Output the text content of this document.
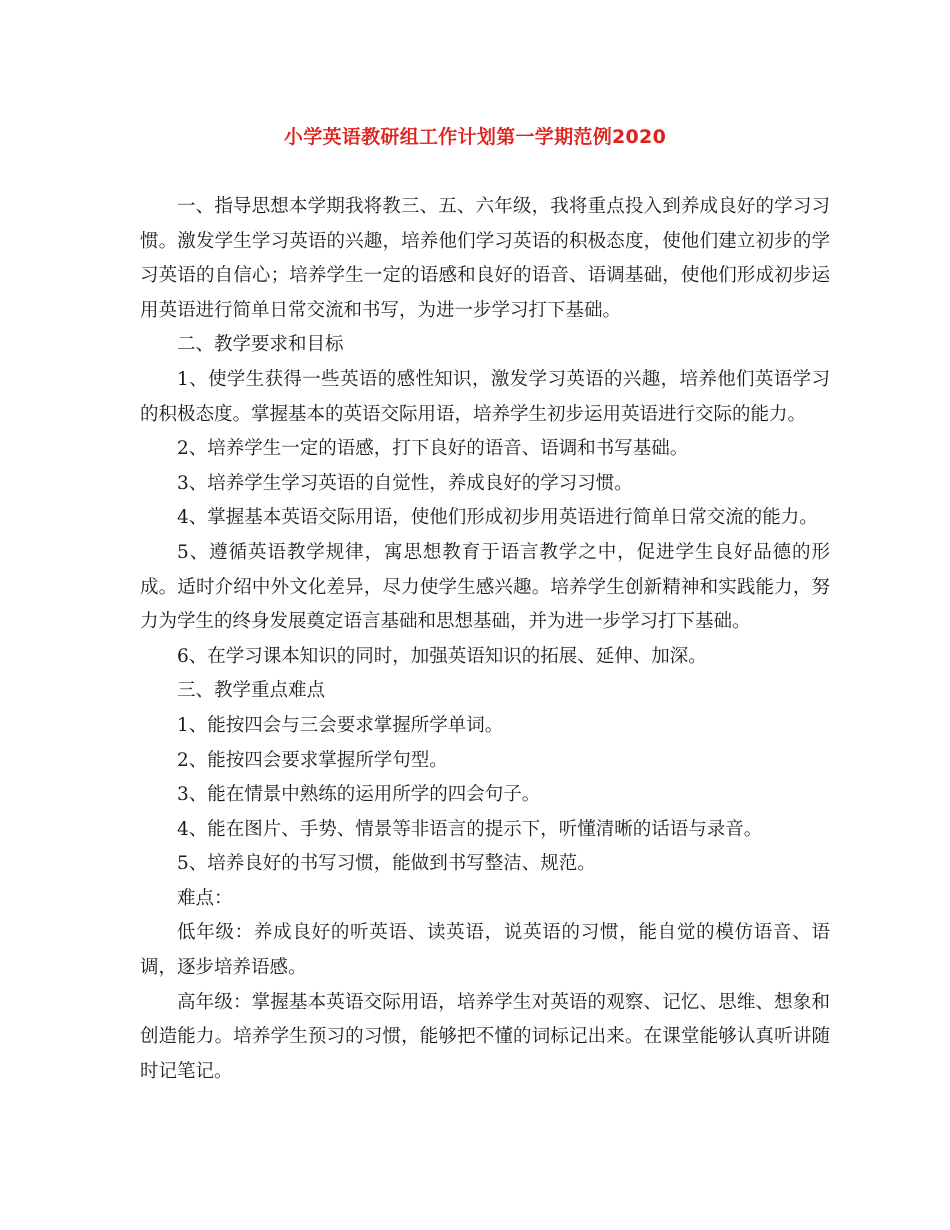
小学英语教研组工作计划第一学期范例2020

一、指导思想本学期我将教三、五、六年级，我将重点投入到养成良好的学习习惯。激发学生学习英语的兴趣，培养他们学习英语的积极态度，使他们建立初步的学习英语的自信心；培养学生一定的语感和良好的语音、语调基础，使他们形成初步运用英语进行简单日常交流和书写，为进一步学习打下基础。

二、教学要求和目标

1、使学生获得一些英语的感性知识，激发学习英语的兴趣，培养他们英语学习的积极态度。掌握基本的英语交际用语，培养学生初步运用英语进行交际的能力。

2、培养学生一定的语感，打下良好的语音、语调和书写基础。

3、培养学生学习英语的自觉性，养成良好的学习习惯。

4、掌握基本英语交际用语，使他们形成初步用英语进行简单日常交流的能力。

5、遵循英语教学规律，寓思想教育于语言教学之中，促进学生良好品德的形成。适时介绍中外文化差异，尽力使学生感兴趣。培养学生创新精神和实践能力，努力为学生的终身发展奠定语言基础和思想基础，并为进一步学习打下基础。

6、在学习课本知识的同时，加强英语知识的拓展、延伸、加深。

三、教学重点难点

1、能按四会与三会要求掌握所学单词。

2、能按四会要求掌握所学句型。

3、能在情景中熟练的运用所学的四会句子。

4、能在图片、手势、情景等非语言的提示下，听懂清晰的话语与录音。

5、培养良好的书写习惯，能做到书写整洁、规范。

难点：

低年级：养成良好的听英语、读英语，说英语的习惯，能自觉的模仿语音、语调，逐步培养语感。

高年级：掌握基本英语交际用语，培养学生对英语的观察、记忆、思维、想象和创造能力。培养学生预习的习惯，能够把不懂的词标记出来。在课堂能够认真听讲随时记笔记。
